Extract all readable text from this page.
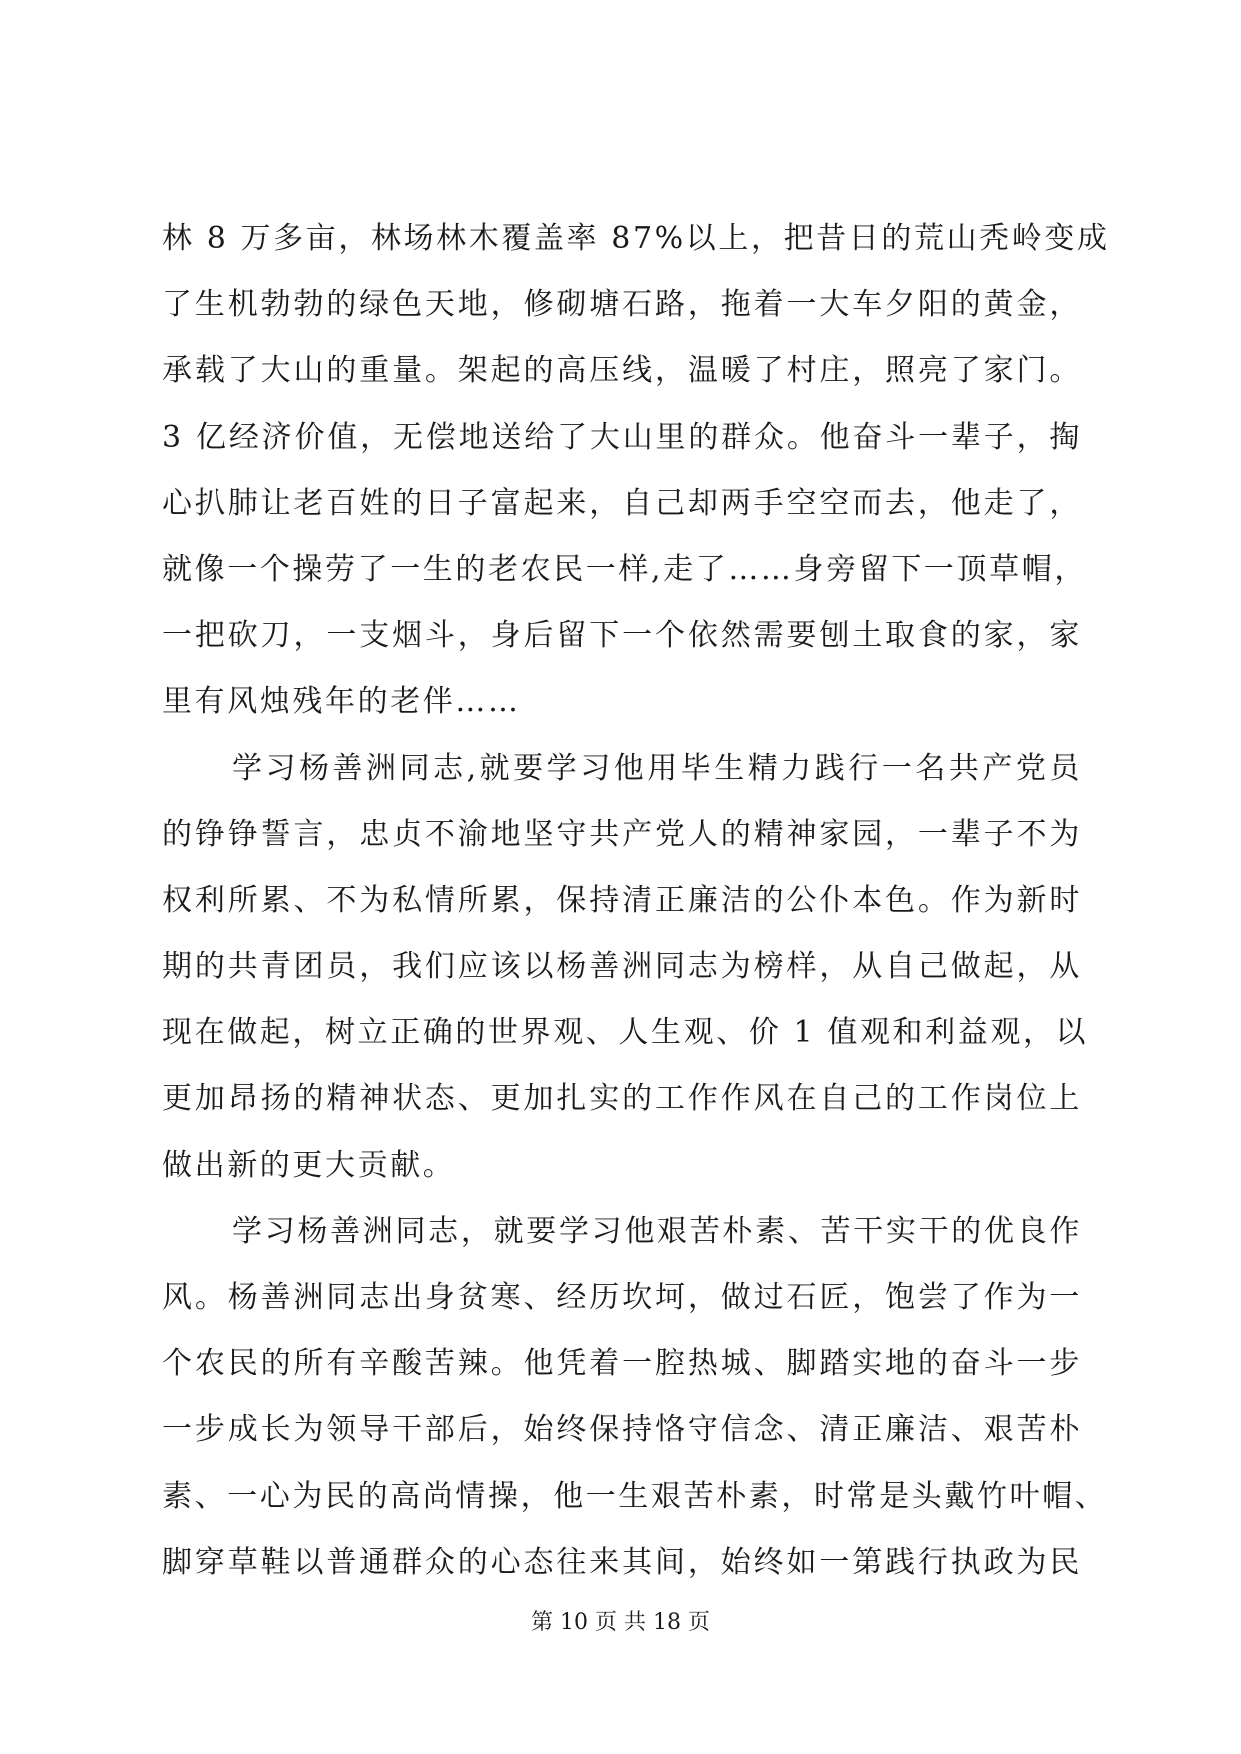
林 8 万多亩，林场林木覆盖率 87%以上，把昔日的荒山秃岭变成
了生机勃勃的绿色天地，修砌塘石路，拖着一大车夕阳的黄金，
承载了大山的重量。架起的高压线，温暖了村庄，照亮了家门。
3 亿经济价值，无偿地送给了大山里的群众。他奋斗一辈子，掏
心扒肺让老百姓的日子富起来，自己却两手空空而去，他走了，
就像一个操劳了一生的老农民一样,走了……身旁留下一顶草帽，
一把砍刀，一支烟斗，身后留下一个依然需要刨土取食的家，家
里有风烛残年的老伴……
学习杨善洲同志,就要学习他用毕生精力践行一名共产党员
的铮铮誓言，忠贞不渝地坚守共产党人的精神家园，一辈子不为
权利所累、不为私情所累，保持清正廉洁的公仆本色。作为新时
期的共青团员，我们应该以杨善洲同志为榜样，从自己做起，从
现在做起，树立正确的世界观、人生观、价 1 值观和利益观，以
更加昂扬的精神状态、更加扎实的工作作风在自己的工作岗位上
做出新的更大贡献。
学习杨善洲同志，就要学习他艰苦朴素、苦干实干的优良作
风。杨善洲同志出身贫寒、经历坎坷，做过石匠，饱尝了作为一
个农民的所有辛酸苦辣。他凭着一腔热城、脚踏实地的奋斗一步
一步成长为领导干部后，始终保持恪守信念、清正廉洁、艰苦朴
素、一心为民的高尚情操，他一生艰苦朴素，时常是头戴竹叶帽、
脚穿草鞋以普通群众的心态往来其间，始终如一第践行执政为民
第 10 页 共 18 页
